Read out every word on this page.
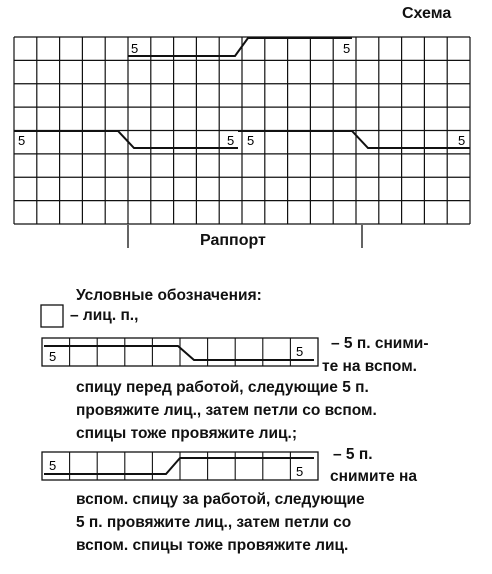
Схема
5	5
5	5 5	5
Раппорт
Условные обозначения:
– лиц. п.,
5	5 – 5 п. сними-
те на вспом.
спицу перед работой, следующие 5 п.
провяжите лиц., затем петли со вспом.
спицы тоже провяжите лиц.;
5	5
– 5 п.
снимите на
вспом. спицу за работой, следующие
5 п. провяжите лиц., затем петли со
вспом. спицы тоже провяжите лиц.
